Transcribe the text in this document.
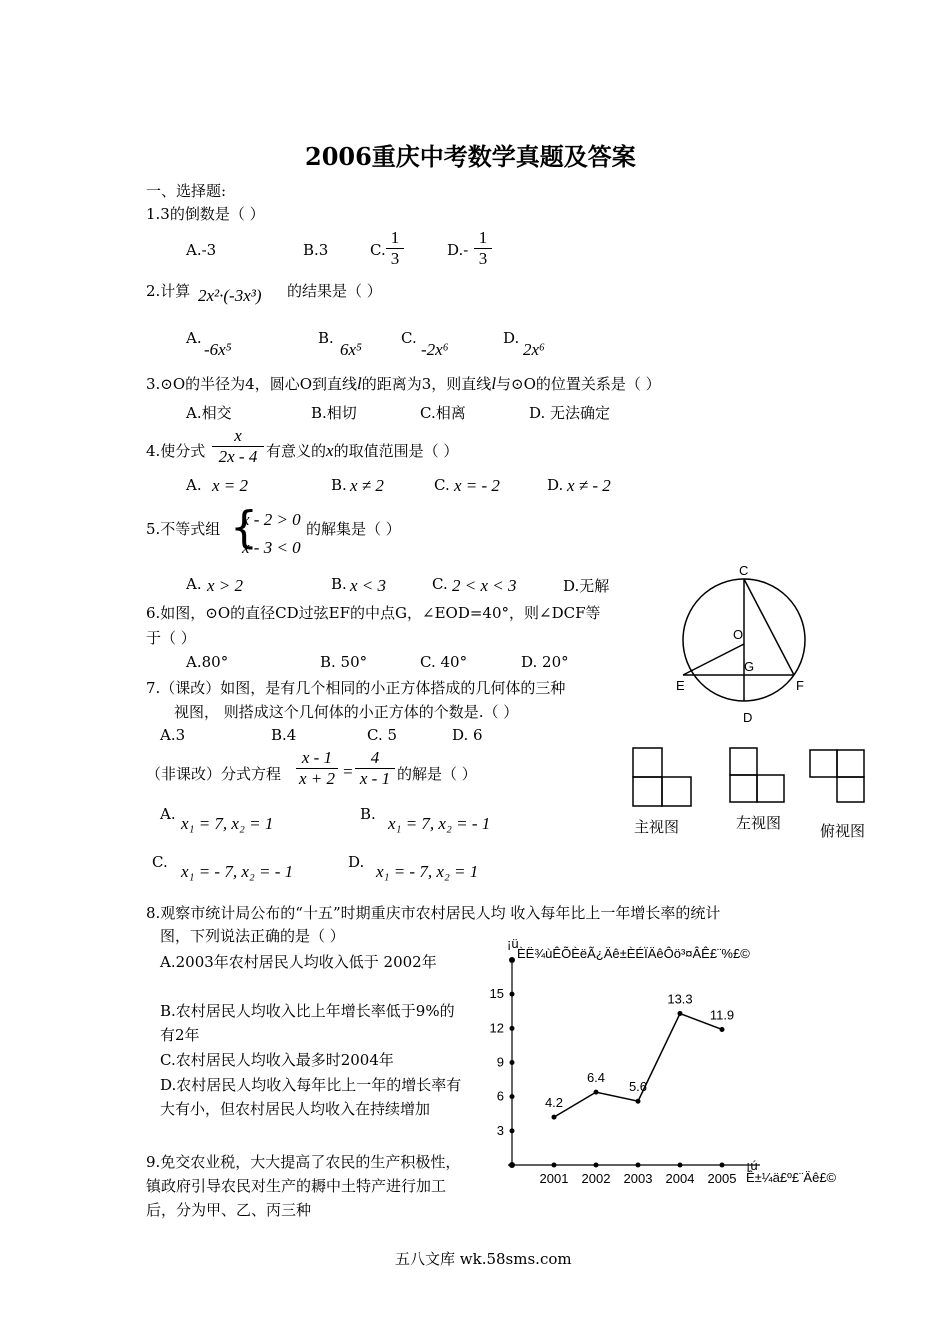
2006重庆中考数学真题及答案
一、选择题:
1.3的倒数是（ ）
A.-3	B.3	C.
1
3	D.-
1
3
2.计算 2x²·(-3x³) 的结果是（ ）
A.
-6x⁵
B.
6x⁵
C.
-2x⁶
D.
2x⁶
3.⊙O的半径为4，圆心O到直线l的距离为3，则直线l与⊙O的位置关系是（ ）
A.相交	B.相切	C.相离	D. 无法确定
4.使分式
x
2x - 4 有意义的x的取值范围是（ ）
A. x = 2	B. x ≠ 2	C. x = - 2	D. x ≠ - 2
5.不等式组 {
x - 2 > 0
x - 3 < 0
的解集是（ ）
A. x > 2	B. x < 3	C. 2 < x < 3	D.无解
6.如图，⊙O的直径CD过弦EF的中点G，∠EOD=40°，则∠DCF等
于（ ）
A.80°	B. 50°	C. 40°	D. 20°
C
O
G
E	F
D
7.（课改）如图，是有几个相同的小正方体搭成的几何体的三种
视图， 则搭成这个几何体的小正方体的个数是.（ ）
A.3	B.4	C. 5	D. 6
主视图	左视图	俯视图
（非课改）分式方程
x - 1
x + 2 =
4
x - 1 的解是（ ）
A. x₁ = 7, x₂ = 1	B. x₁ = 7, x₂ = - 1
C. x₁ = - 7, x₂ = - 1	D. x₁ = - 7, x₂ = 1
8.观察市统计局公布的“十五”时期重庆市农村居民人均 收入每年比上一年增长率的统计
图，下列说法正确的是（ ）
A.2003年农村居民人均收入低于 2002年
B.农村居民人均收入比上年增长率低于9%的有2年
C.农村居民人均收入最多时2004年
D.农村居民人均收入每年比上一年的增长率有大有小，但农村居民人均收入在持续增加
9.免交农业税，大大提高了农民的生产积极性，镇政府引导农民对生产的耨中土特产进行加工后，分为甲、乙、丙三种
¡ü
ÈË¾ùÊÕÈëÃ¿Äê±ÈÉÏÄêÔö³¤ÂÊ£¨%£©
¡ú
Ê±¼ä£º£¨Äê£©
3
6
9
12
15
2001 2002 2003 2004 2005
4.2
6.4
5.6
13.3
11.9
五八文库 wk.58sms.com
